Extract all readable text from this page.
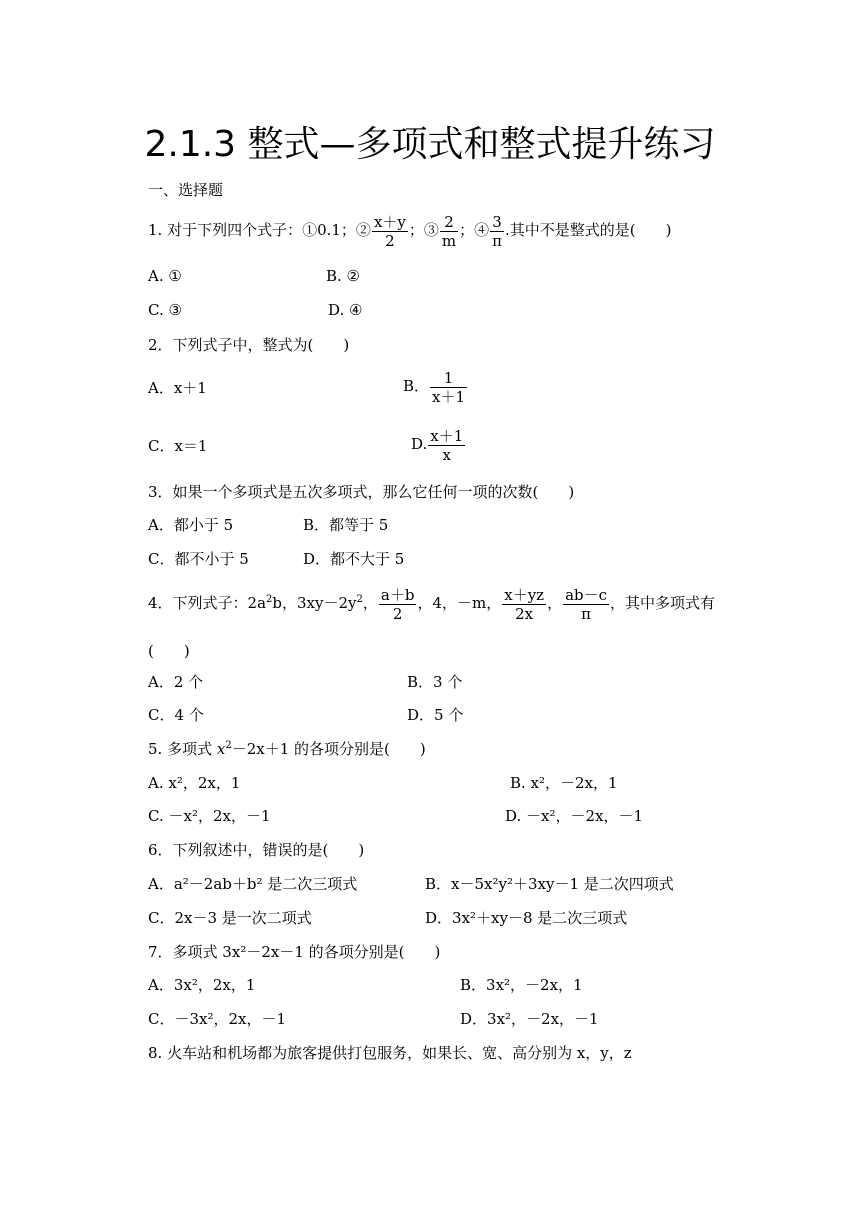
2.1.3 整式—多项式和整式提升练习
一、选择题
1. 对于下列四个式子：①0.1；② $\frac{x+y}{2}$ ；③ $\frac{2}{m}$ ；④ $\frac{3}{\pi}$ .其中不是整式的是(　　)
A. ①	B. ②
C. ③	D. ④
2．下列式子中，整式为(　　)
A．x＋1	B． $\frac{1}{x+1}$
C．x＝1	D. $\frac{x+1}{x}$
3．如果一个多项式是五次多项式，那么它任何一项的次数(　　)
A．都小于 5	B．都等于 5
C．都不小于 5	D．都不大于 5
4．下列式子：$2a^2b$，$3xy-2y^2$， $\frac{a+b}{2}$ ，4，－m， $\frac{x+yz}{2x}$ ， $\frac{ab-c}{\pi}$ ，其中多项式有
(　　)
A．2 个	B．3 个
C．4 个	D．5 个
5. 多项式 $x^2-2x+1$ 的各项分别是(　　)
A. x²，2x，1	B. x²，－2x，1
C. －x²，2x，－1	D. －x²，－2x，－1
6．下列叙述中，错误的是(　　)
A．a²－2ab＋b² 是二次三项式	B．x－5x²y²＋3xy－1 是二次四项式
C．2x－3 是一次二项式	D．3x²＋xy－8 是二次三项式
7．多项式 3x²－2x－1 的各项分别是(　　)
A．3x²，2x，1	B．3x²，－2x，1
C．－3x²，2x，－1	D．3x²，－2x，－1
8. 火车站和机场都为旅客提供打包服务，如果长、宽、高分别为 x，y，z
